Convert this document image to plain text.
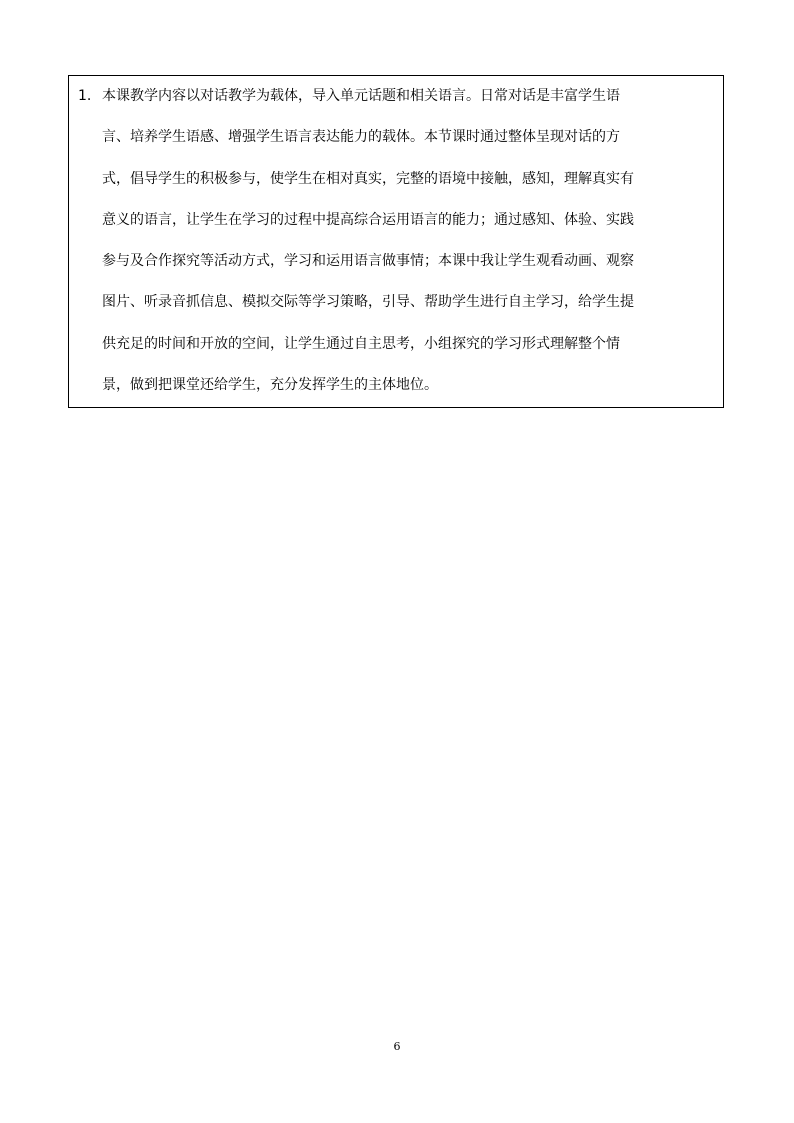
1. 本课教学内容以对话教学为载体，导入单元话题和相关语言。日常对话是丰富学生语
言、培养学生语感、增强学生语言表达能力的载体。本节课时通过整体呈现对话的方
式，倡导学生的积极参与，使学生在相对真实，完整的语境中接触，感知，理解真实有
意义的语言，让学生在学习的过程中提高综合运用语言的能力；通过感知、体验、实践
参与及合作探究等活动方式，学习和运用语言做事情；本课中我让学生观看动画、观察
图片、听录音抓信息、模拟交际等学习策略，引导、帮助学生进行自主学习，给学生提
供充足的时间和开放的空间，让学生通过自主思考，小组探究的学习形式理解整个情
景，做到把课堂还给学生，充分发挥学生的主体地位。
6
